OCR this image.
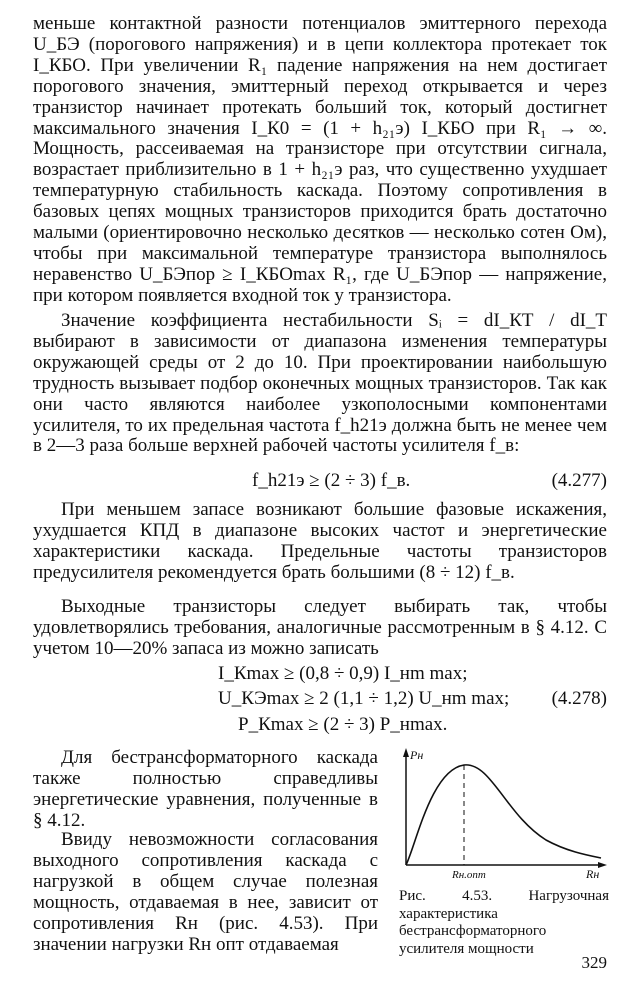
меньше контактной разности потенциалов эмиттерного перехода U_БЭ (порогового напряжения) и в цепи коллектора протекает ток I_КБО. При увеличении R₁ падение напряжения на нем достигает порогового значения, эмиттерный переход открывается и через транзистор начинает протекать больший ток, который достигнет максимального значения I_К0 = (1 + h₂₁э) I_КБО при R₁ → ∞. Мощность, рассеиваемая на транзисторе при отсутствии сигнала, возрастает приблизительно в 1 + h₂₁э раз, что существенно ухудшает температурную стабильность каскада. Поэтому сопротивления в базовых цепях мощных транзисторов приходится брать достаточно малыми (ориентировочно несколько десятков — несколько сотен Ом), чтобы при максимальной температуре транзистора выполнялось неравенство U_БЭпор ≥ I_КБОmax R₁, где U_БЭпор — напряжение, при котором появляется входной ток у транзистора.

Значение коэффициента нестабильности Sᵢ = dI_КТ / dI_Т выбирают в зависимости от диапазона изменения температуры окружающей среды от 2 до 10. При проектировании наибольшую трудность вызывает подбор оконечных мощных транзисторов. Так как они часто являются наиболее узкополосными компонентами усилителя, то их предельная частота f_h21э должна быть не менее чем в 2—3 раза больше верхней рабочей частоты усилителя f_в:

f_h21э ≥ (2 ÷ 3) f_в.	(4.277)

При меньшем запасе возникают большие фазовые искажения, ухудшается КПД в диапазоне высоких частот и энергетические характеристики каскада. Предельные частоты транзисторов предусилителя рекомендуется брать большими (8 ÷ 12) f_в.

Выходные транзисторы следует выбирать так, чтобы удовлетворялись требования, аналогичные рассмотренным в § 4.12. С учетом 10—20% запаса из можно записать

I_Кmax ≥ (0,8 ÷ 0,9) I_нm max;
U_КЭmax ≥ 2 (1,1 ÷ 1,2) U_нm max;
P_Кmax ≥ (2 ÷ 3) P_нmax.
(4.278)

Для бестрансформаторного каскада также полностью справедливы энергетические уравнения, полученные в § 4.12.

Ввиду невозможности согласования выходного сопротивления каскада с нагрузкой в общем случае полезная мощность, отдаваемая в нее, зависит от сопротивления Rн (рис. 4.53). При значении нагрузки Rн опт отдаваемая

Pн
Rн
Rн.опт

Рис. 4.53. Нагрузочная характеристика бестрансформаторного усилителя мощности

329
